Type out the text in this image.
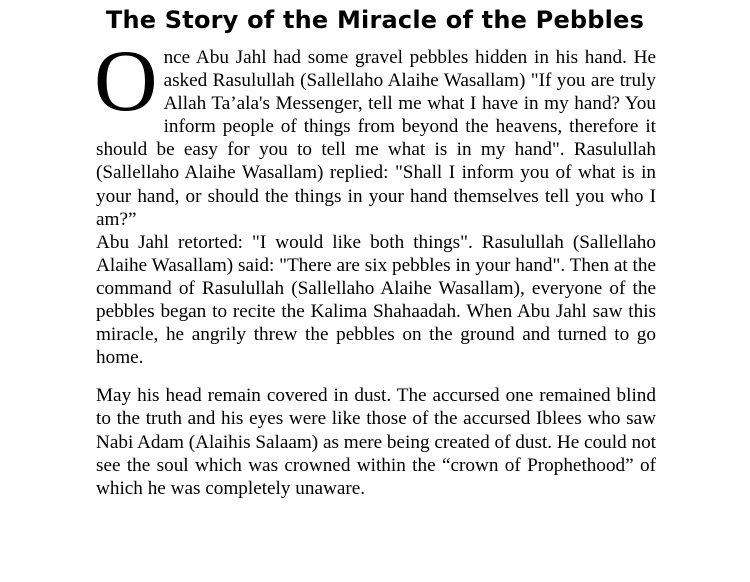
The Story of the Miracle of the Pebbles

Once Abu Jahl had some gravel pebbles hidden in his hand. He asked Rasulullah (Sallellaho Alaihe Wasallam) "If you are truly Allah Ta’ala's Messenger, tell me what I have in my hand? You inform people of things from beyond the heavens, therefore it should be easy for you to tell me what is in my hand". Rasulullah (Sallellaho Alaihe Wasallam) replied: "Shall I inform you of what is in your hand, or should the things in your hand themselves tell you who I am?”

Abu Jahl retorted: "I would like both things". Rasulullah (Sallellaho Alaihe Wasallam) said: "There are six pebbles in your hand". Then at the command of Rasulullah (Sallellaho Alaihe Wasallam), everyone of the pebbles began to recite the Kalima Shahaadah. When Abu Jahl saw this miracle, he angrily threw the pebbles on the ground and turned to go home.

May his head remain covered in dust. The accursed one remained blind to the truth and his eyes were like those of the accursed Iblees who saw Nabi Adam (Alaihis Salaam) as mere being created of dust. He could not see the soul which was crowned within the “crown of Prophethood” of which he was completely unaware.
